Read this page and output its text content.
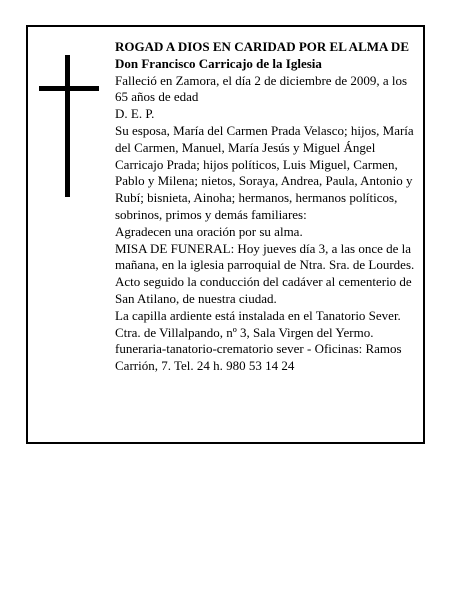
ROGAD A DIOS EN CARIDAD POR EL ALMA DE

Don Francisco Carricajo de la Iglesia

Falleció en Zamora, el día 2 de diciembre de 2009, a los 65 años de edad

D. E. P.

Su esposa, María del Carmen Prada Velasco; hijos, María del Carmen, Manuel, María Jesús y Miguel Ángel Carricajo Prada; hijos políticos, Luis Miguel, Carmen, Pablo y Milena; nietos, Soraya, Andrea, Paula, Antonio y Rubí; bisnieta, Ainoha; hermanos, hermanos políticos, sobrinos, primos y demás familiares:

Agradecen una oración por su alma.

MISA DE FUNERAL: Hoy jueves día 3, a las once de la mañana, en la iglesia parroquial de Ntra. Sra. de Lourdes. Acto seguido la conducción del cadáver al cementerio de San Atilano, de nuestra ciudad.

La capilla ardiente está instalada en el Tanatorio Sever. Ctra. de Villalpando, nº 3, Sala Virgen del Yermo.

funeraria-tanatorio-crematorio sever - Oficinas: Ramos Carrión, 7. Tel. 24 h. 980 53 14 24
